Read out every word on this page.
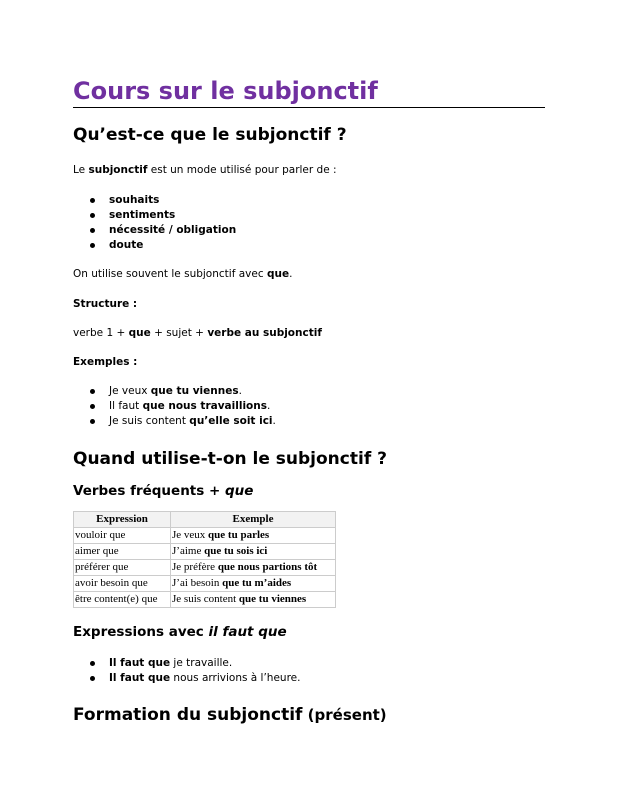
Cours sur le subjonctif
Qu’est-ce que le subjonctif ?

Le subjonctif est un mode utilisé pour parler de :

souhaits
sentiments
nécessité / obligation
doute

On utilise souvent le subjonctif avec que.

Structure :

verbe 1 + que + sujet + verbe au subjonctif

Exemples :

Je veux que tu viennes.
Il faut que nous travaillions.
Je suis content qu’elle soit ici.
Quand utilise-t-on le subjonctif ?
Verbes fréquents + que
Expression	Exemple
vouloir que	Je veux que tu parles
aimer que	J’aime que tu sois ici
préférer que	Je préfère que nous partions tôt
avoir besoin que	J’ai besoin que tu m’aides
être content(e) que	Je suis content que tu viennes
Expressions avec il faut que
Il faut que je travaille.
Il faut que nous arrivions à l’heure.
Formation du subjonctif (présent)
